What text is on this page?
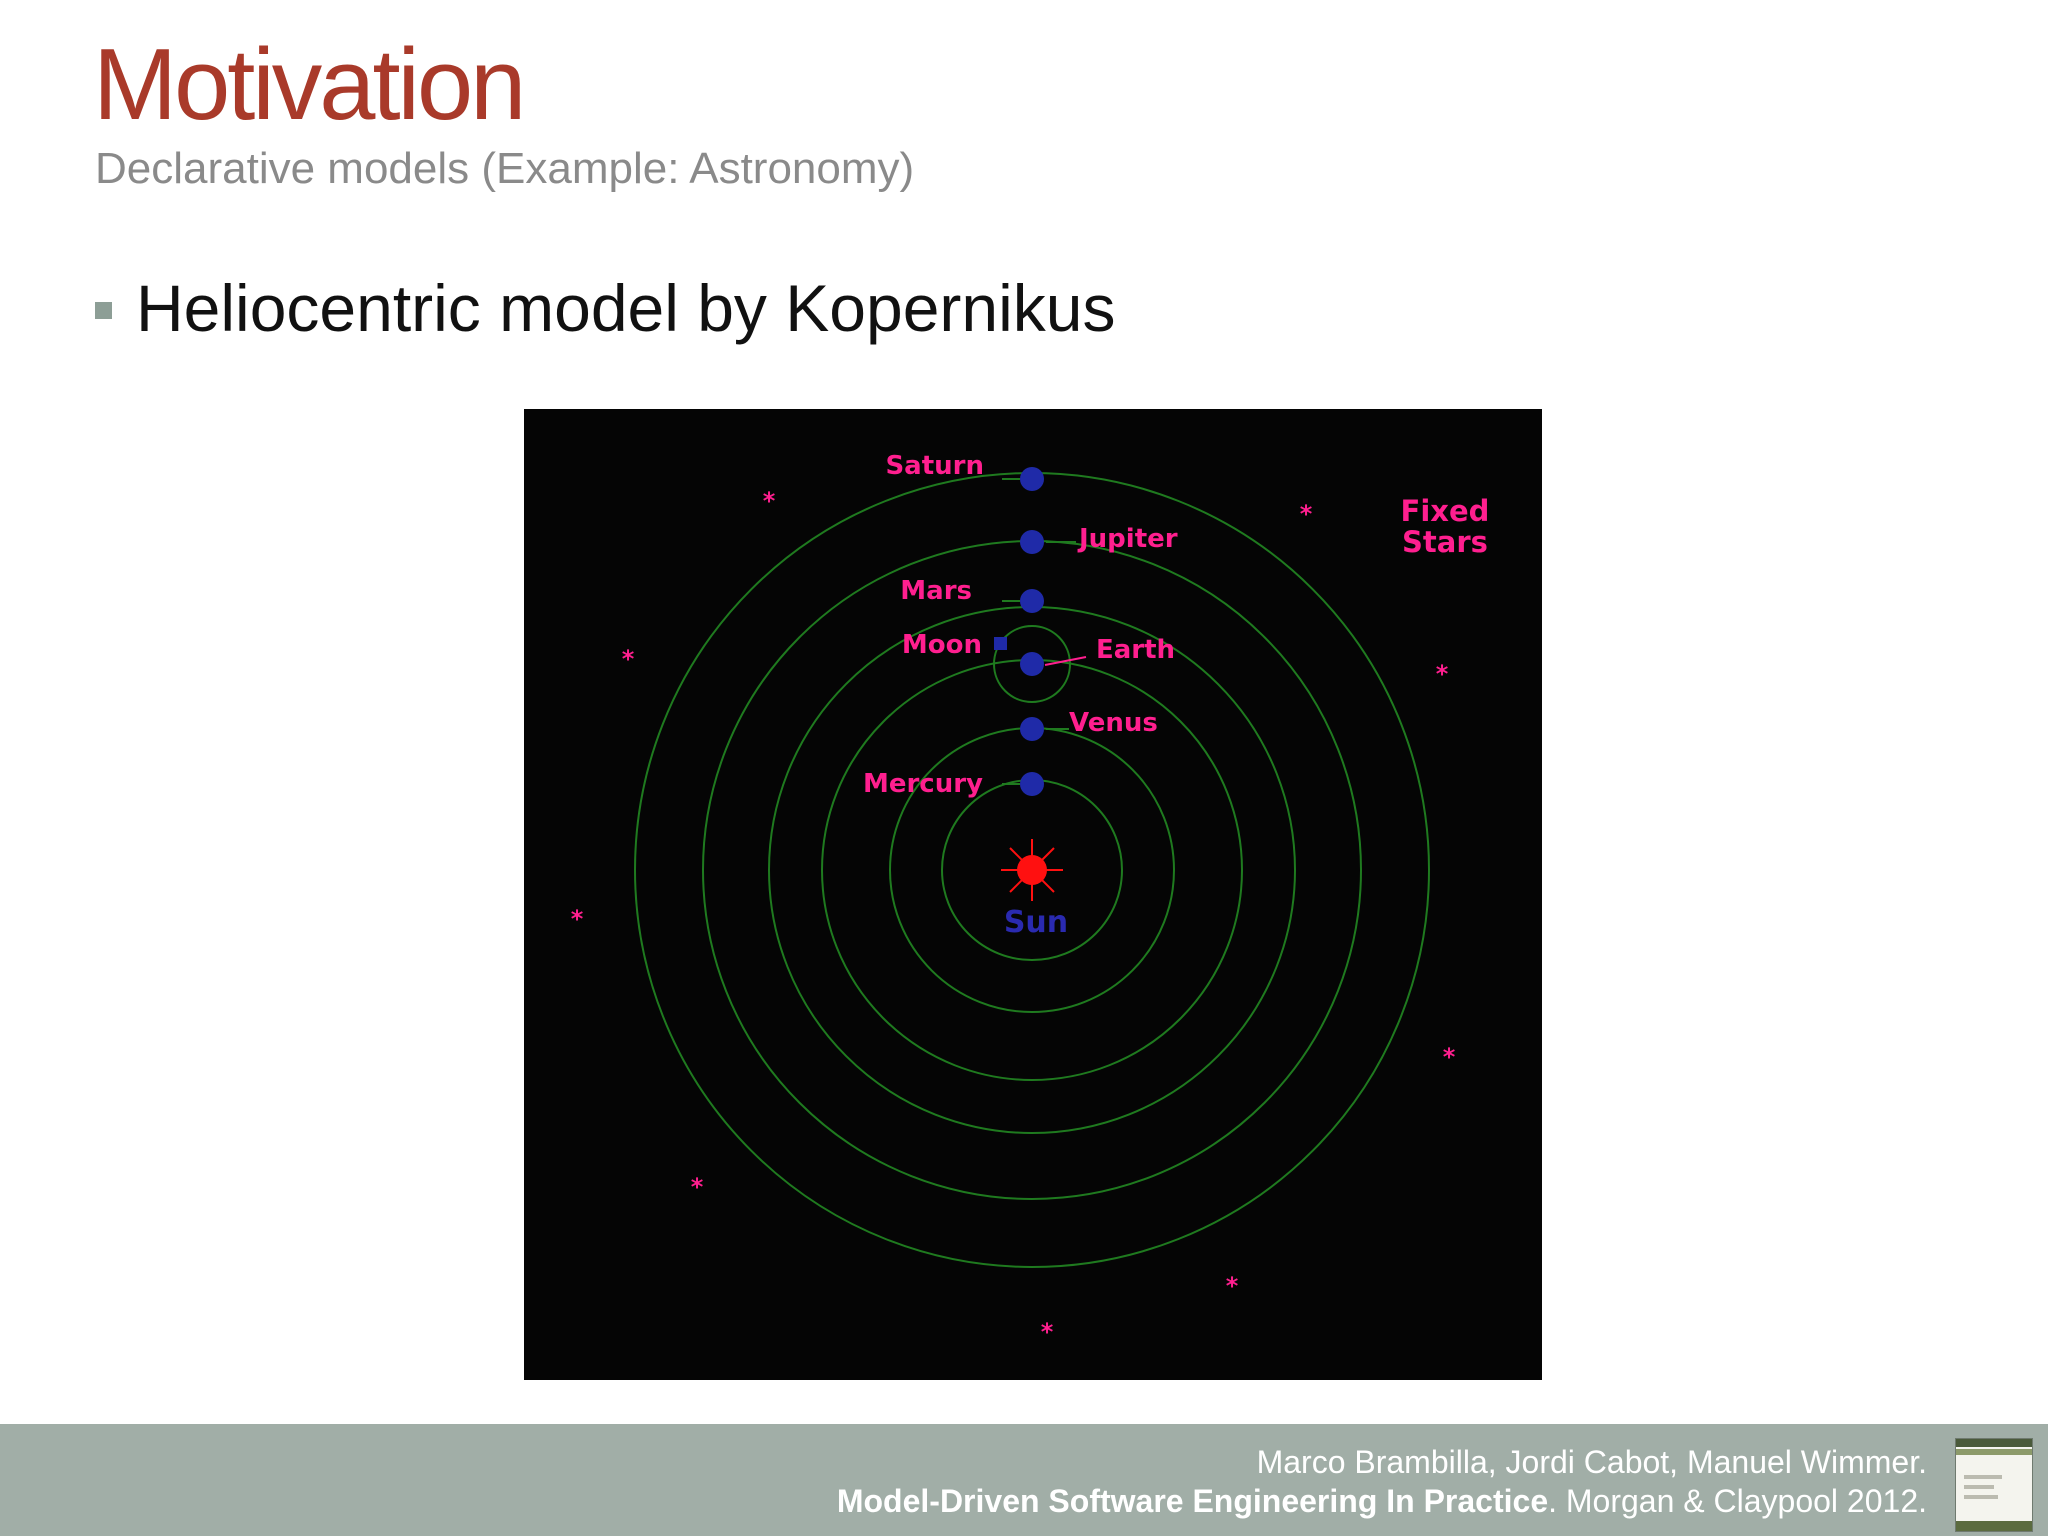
Motivation
Declarative models (Example: Astronomy)
Heliocentric model by Kopernikus
Sun
Mercury
Venus
Earth
Moon
Mars
Jupiter
Saturn
Fixed
Stars
*	*
*
*
*
*
*
*
*
Marco Brambilla, Jordi Cabot, Manuel Wimmer.
Model-Driven Software Engineering In Practice. Morgan & Claypool 2012.
